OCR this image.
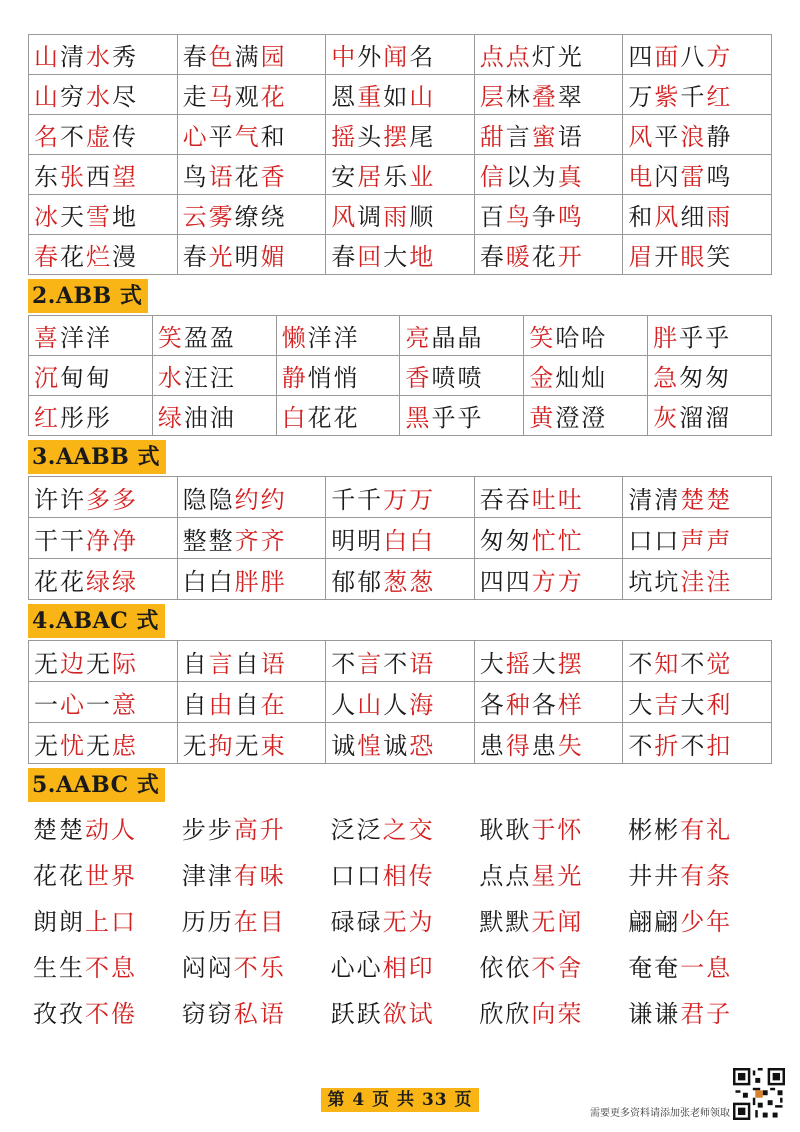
山清水秀	春色满园	中外闻名	点点灯光	四面八方
山穷水尽	走马观花	恩重如山	层林叠翠	万紫千红
名不虚传	心平气和	摇头摆尾	甜言蜜语	风平浪静
东张西望	鸟语花香	安居乐业	信以为真	电闪雷鸣
冰天雪地	云雾缭绕	风调雨顺	百鸟争鸣	和风细雨
春花烂漫	春光明媚	春回大地	春暖花开	眉开眼笑
2.ABB 式
喜洋洋	笑盈盈	懒洋洋	亮晶晶	笑哈哈	胖乎乎
沉甸甸	水汪汪	静悄悄	香喷喷	金灿灿	急匆匆
红彤彤	绿油油	白花花	黑乎乎	黄澄澄	灰溜溜
3.AABB 式
许许多多	隐隐约约	千千万万	吞吞吐吐	清清楚楚
干干净净	整整齐齐	明明白白	匆匆忙忙	口口声声
花花绿绿	白白胖胖	郁郁葱葱	四四方方	坑坑洼洼
4.ABAC 式
无边无际	自言自语	不言不语	大摇大摆	不知不觉
一心一意	自由自在	人山人海	各种各样	大吉大利
无忧无虑	无拘无束	诚惶诚恐	患得患失	不折不扣
5.AABC 式
楚楚动人	步步高升	泛泛之交	耿耿于怀	彬彬有礼
花花世界	津津有味	口口相传	点点星光	井井有条
朗朗上口	历历在目	碌碌无为	默默无闻	翩翩少年
生生不息	闷闷不乐	心心相印	依依不舍	奄奄一息
孜孜不倦	窃窃私语	跃跃欲试	欣欣向荣	谦谦君子
第 4 页 共 33 页
需要更多资料请添加张老师领取
